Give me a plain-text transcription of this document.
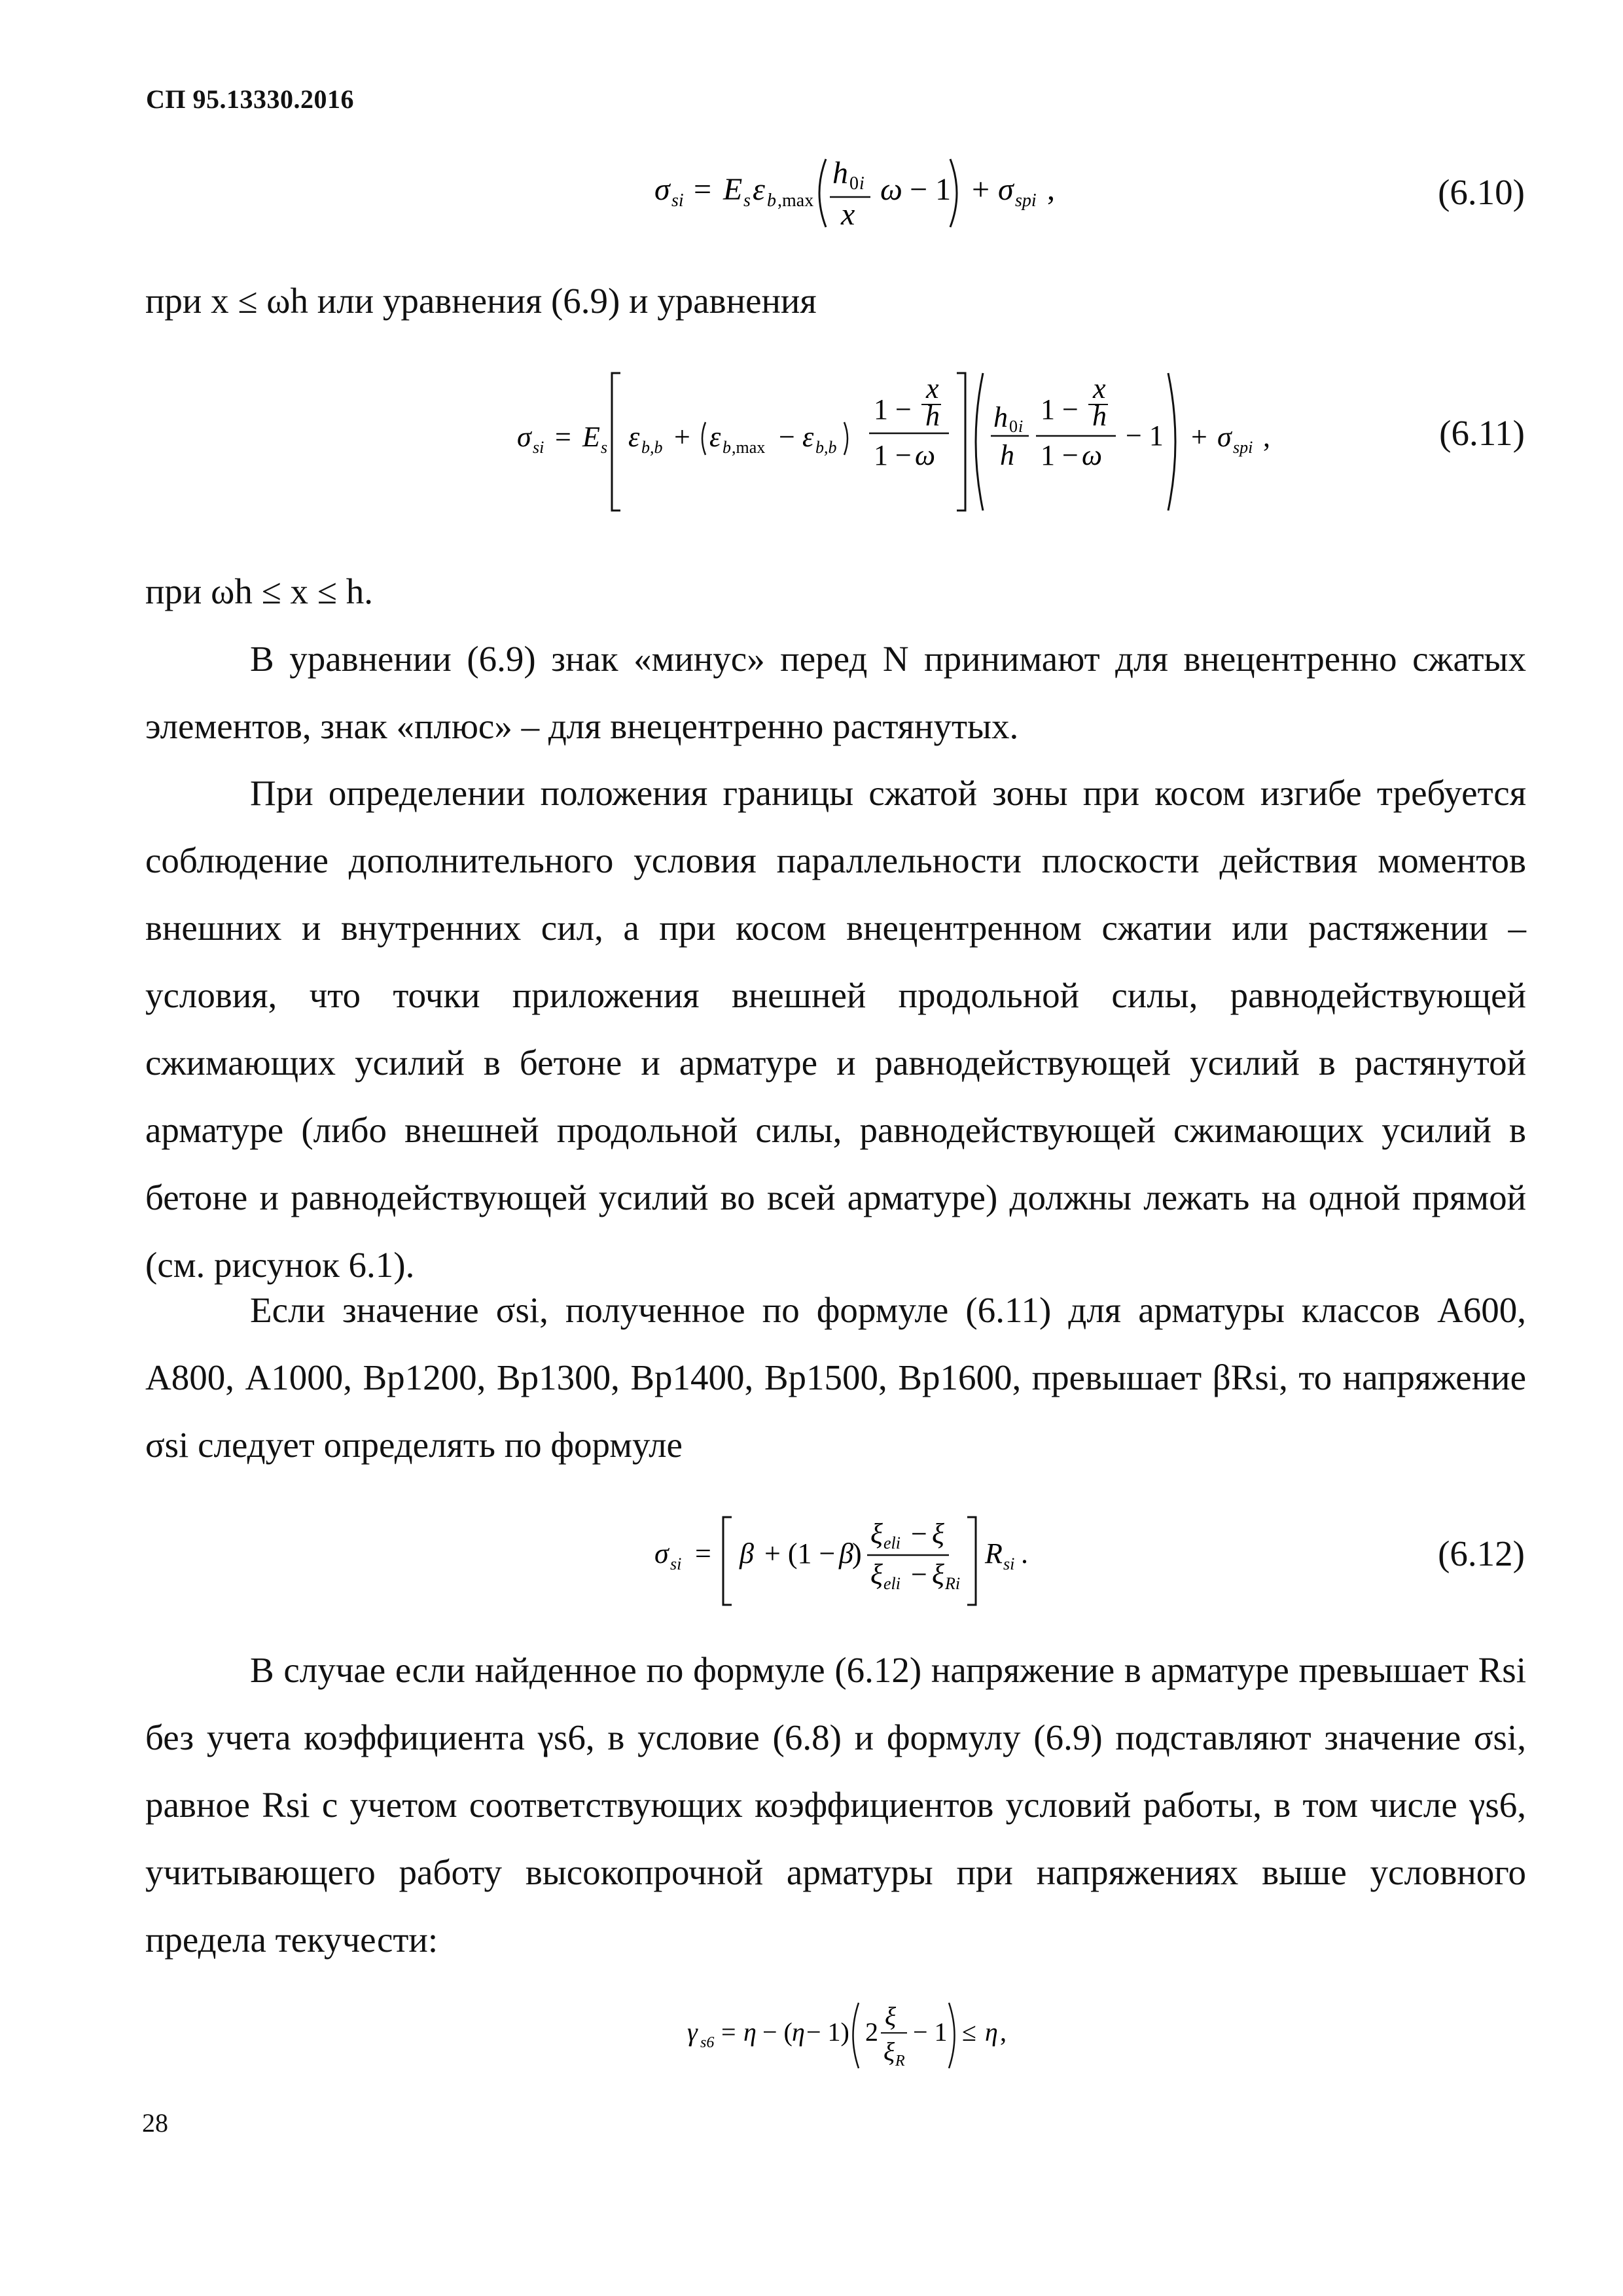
СП 95.13330.2016
σ si = E s ε b ,max
h 0 i
x
ω − 1 + σ spi ,	(6.10)
при x ≤ ωh или уравнения (6.9) и уравнения
σ si = E s ε b,b + ε b ,max − ε b,b
1 −
x
h
1 − ω
h 0 i
h
1 −
x
h
1 − ω
− 1 + σ spi ,	(6.11)
при ωh ≤ x ≤ h.
В уравнении (6.9) знак «минус» перед N принимают для внецентренно сжатых элементов, знак «плюс» – для внецентренно растянутых.
При определении положения границы сжатой зоны при косом изгибе требуется соблюдение дополнительного условия параллельности плоскости действия моментов внешних и внутренних сил, а при косом внецентренном сжатии или растяжении – условия, что точки приложения внешней продольной силы, равнодействующей сжимающих усилий в бетоне и арматуре и равнодействующей усилий в растянутой арматуре (либо внешней продольной силы, равнодействующей сжимающих усилий в бетоне и равнодействующей усилий во всей арматуре) должны лежать на одной прямой (см. рисунок 6.1).
Если значение σsi, полученное по формуле (6.11) для арматуры классов А600, А800, А1000, Вр1200, Вр1300, Вр1400, Вр1500, Вр1600, превышает βRsi, то напряжение σsi следует определять по формуле
σ si = β + (1 − β
)
ξ eli − ξ
ξ eli − ξ Ri
R si .	(6.12)
В случае если найденное по формуле (6.12) напряжение в арматуре превышает Rsi без учета коэффициента γs6, в условие (6.8) и формулу (6.9) подставляют значение σsi, равное Rsi с учетом соответствующих коэффициентов условий работы, в том числе γs6, учитывающего работу высокопрочной арматуры при напряжениях выше условного предела текучести:
γ s6 = η − ( η − 1) 2
ξ
ξ R
− 1 ≤ η ,
28
